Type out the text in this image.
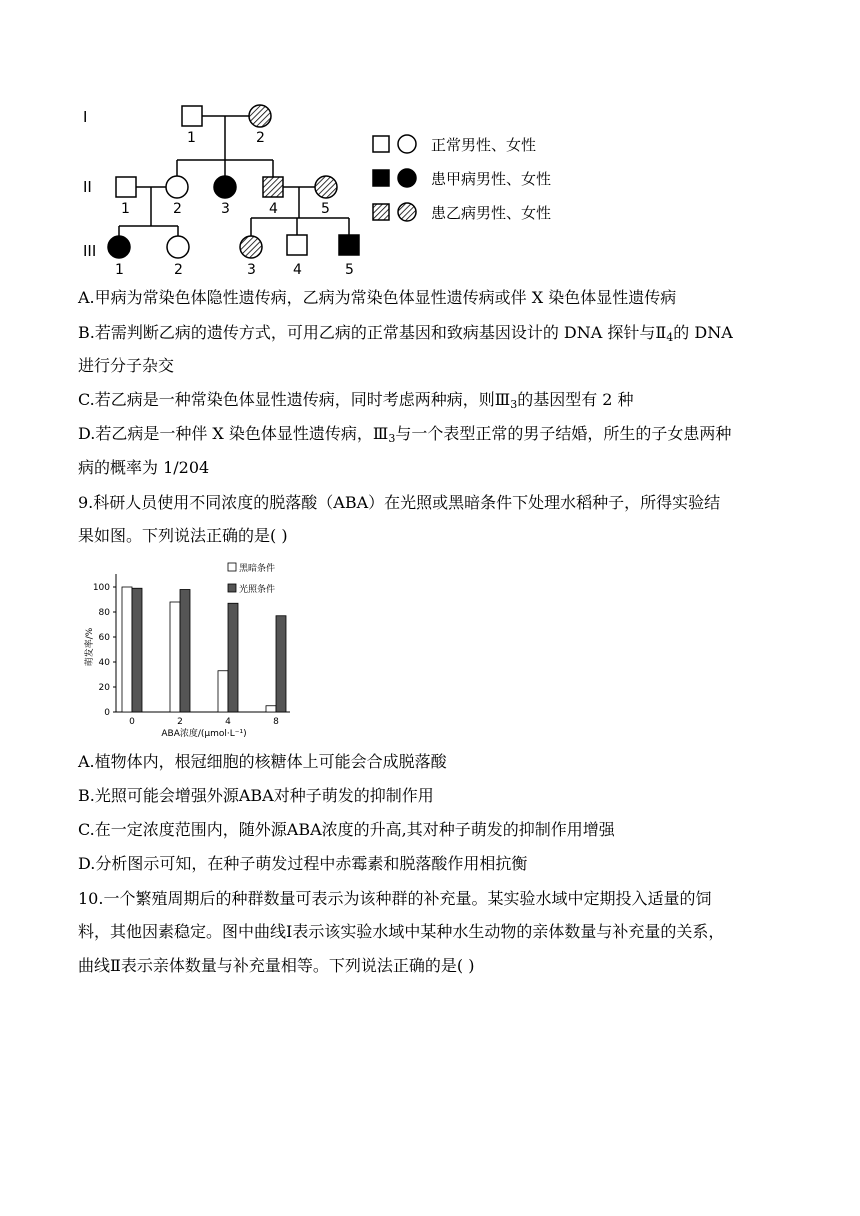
I
II
III
1	2
1	2	3	4	5
1	2	3	4	5
正常男性、女性
患甲病男性、女性
患乙病男性、女性
A.甲病为常染色体隐性遗传病，乙病为常染色体显性遗传病或伴 X 染色体显性遗传病
B.若需判断乙病的遗传方式，可用乙病的正常基因和致病基因设计的 DNA 探针与$Ⅱ_4$的 DNA
进行分子杂交
C.若乙病是一种常染色体显性遗传病，同时考虑两种病，则$Ⅲ_3$的基因型有 2 种
D.若乙病是一种伴 X 染色体显性遗传病，$Ⅲ_3$与一个表型正常的男子结婚，所生的子女患两种
病的概率为 1/204
9.科研人员使用不同浓度的脱落酸（ABA）在光照或黑暗条件下处理水稻种子，所得实验结
果如图。下列说法正确的是( )
萌发率/%
ABA浓度/(μmol·L⁻¹)
黑暗条件
光照条件
0
20
40
60
80
100
0	2	4	8
A.植物体内，根冠细胞的核糖体上可能会合成脱落酸
B.光照可能会增强外源ABA对种子萌发的抑制作用
C.在一定浓度范围内，随外源ABA浓度的升高,其对种子萌发的抑制作用增强
D.分析图示可知，在种子萌发过程中赤霉素和脱落酸作用相抗衡
10.一个繁殖周期后的种群数量可表示为该种群的补充量。某实验水域中定期投入适量的饲
料，其他因素稳定。图中曲线Ⅰ表示该实验水域中某种水生动物的亲体数量与补充量的关系，
曲线Ⅱ表示亲体数量与补充量相等。下列说法正确的是( )
